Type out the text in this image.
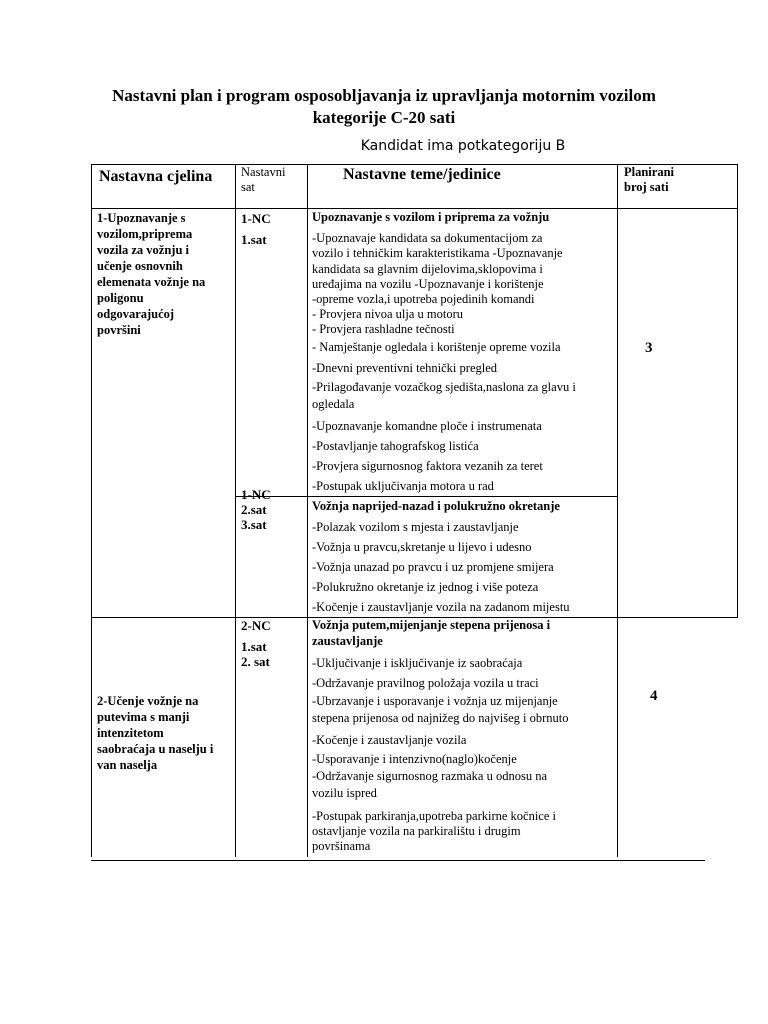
Nastavni plan i program osposobljavanja iz upravljanja motornim vozilom
kategorije C-20 sati
Kandidat ima potkategoriju B
Nastavna cjelina Nastavni
sat
Nastavne teme/jedinice	Planirani
broj sati
1-Upoznavanje s
vozilom,pripremа
vozila za vožnju i
učenje osnovnih
elemenata vožnje na
poligonu
odgovarajućoj
površini
1-NC
1.sat
1-NC
2.sat
3.sat
Upoznavanje s vozilom i priprema za vožnju
-Upoznavaje kandidata sa dokumentacijom za
vozilo i tehničkim karakteristikama -Upoznavanje
kandidata sa glavnim dijelovima,sklopovima i
uređajima na vozilu -Upoznavanje i korištenje
-opreme vozla,i upotreba pojedinih komandi
- Provjera nivoa ulja u motoru
- Provjera rashladne tečnosti
- Namještanje ogledala i korištenje opreme vozila
-Dnevni preventivni tehnički pregled
-Prilagođavanje vozačkog sjedišta,naslona za glavu i
ogledala
-Upoznavanje komandne ploče i instrumenata
-Postavljanje tahografskog listića
-Provjera sigurnosnog faktora vezanih za teret
-Postupak uključivanja motora u rad
Vožnja naprijed-nazad i polukružno okretanje
-Polazak vozilom s mjesta i zaustavljanje
-Vožnja u pravcu,skretanje u lijevo i udesno
-Vožnja unazad po pravcu i uz promjene smijera
-Polukružno okretanje iz jednog i više poteza
-Kočenje i zaustavljanje vozila na zadanom mijestu
3
2-Učenje vožnje na
putevima s manji
intenzitetom
saobraćaja u naselju i
van naselja
2-NC
1.sat
2. sat
Vožnja putem,mijenjanje stepena prijenosa i
zaustavljanje
-Uključivanje i isključivanje iz saobraćaja
-Održavanje pravilnog položaja vozila u traci
-Ubrzavanje i usporavanje i vožnja uz mijenjanje
stepena prijenosa od najnižeg do najvišeg i obrnuto
-Kočenje i zaustavljanje vozila
-Usporavanje i intenzivno(naglo)kočenje
-Održavanje sigurnosnog razmaka u odnosu na
vozilu ispred
-Postupak parkiranja,upotreba parkirne kočnice i
ostavljanje vozila na parkiralištu i drugim
površinama
4
